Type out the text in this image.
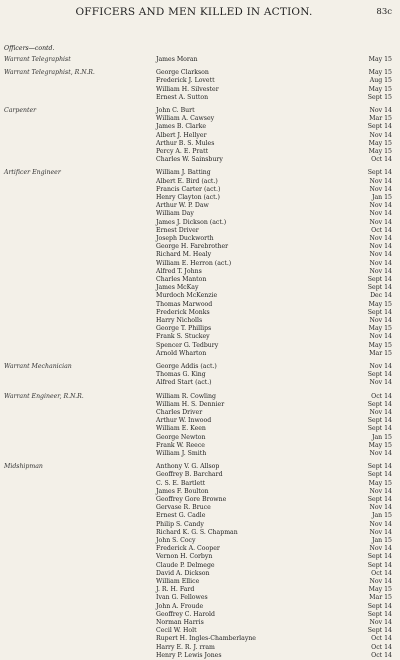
OFFICERS AND MEN KILLED IN ACTION.	83c
Officers—contd.
Warrant Telegraphist	James Moran	May 15
Warrant Telegraphist, R.N.R.	George Clarkson	May 15
Frederick J. Lovett	Aug 15
William H. Silvester	May 15
Ernest A. Sutton	Sept 15
Carpenter	John C. Burt	Nov 14
William A. Cawsey	Mar 15
James B. Clarke	Sept 14
Albert J. Hellyer	Nov 14
Arthur B. S. Mules	May 15
Percy A. E. Pratt	May 15
Charles W. Sainsbury	Oct 14
Artificer Engineer	William J. Batting	Sept 14
Albert E. Bird (act.)	Nov 14
Francis Carter (act.)	Nov 14
Henry Clayton (act.)	Jan 15
Arthur W. P. Daw	Nov 14
William Day	Nov 14
James J. Dickson (act.)	Nov 14
Ernest Driver	Oct 14
Joseph Duckworth	Nov 14
George H. Farebrother	Nov 14
Richard M. Healy	Nov 14
William E. Herron (act.)	Nov 14
Alfred T. Johns	Nov 14
Charles Manton	Sept 14
James McKay	Sept 14
Murdoch McKenzie	Dec 14
Thomas Marwood	May 15
Frederick Monks	Sept 14
Harry Nicholls	Nov 14
George T. Phillips	May 15
Frank S. Stuckey	Nov 14
Spencer G. Tedbury	May 15
Arnold Wharton	Mar 15
Warrant Mechanician	George Addis (act.)	Nov 14
Thomas G. King	Sept 14
Alfred Start (act.)	Nov 14
Warrant Engineer, R.N.R.	William R. Cowling	Oct 14
William H. S. Dennier	Sept 14
Charles Driver	Nov 14
Arthur W. Inwood	Sept 14
William E. Keen	Sept 14
George Newton	Jan 15
Frank W. Reece	May 15
William J. Smith	Nov 14
Midshipman	Anthony V. G. Allsop	Sept 14
Geoffrey B. Barchard	Sept 14
C. S. E. Bartlett	May 15
James F. Boulton	Nov 14
Geoffrey Gore Browne	Sept 14
Gervase R. Bruce	Nov 14
Ernest G. Cadle	Jan 15
Philip S. Candy	Nov 14
Richard K. G. S. Chapman	Nov 14
John S. Cocy	Jan 15
Frederick A. Cooper	Nov 14
Vernon H. Corbyn	Sept 14
Claude P. Delmege	Sept 14
David A. Dickson	Oct 14
William Ellice	Nov 14
J. R. H. Fard	May 15
Ivan G. Fellowes	Mar 15
John A. Froude	Sept 14
Geoffrey C. Harold	Sept 14
Norman Harris	Nov 14
Cecil W. Holt	Sept 14
Rupert H. Ingles-Chamberlayne	Oct 14
Harry E. R. J. rram	Oct 14
Henry P. Lewis Jones	Oct 14
